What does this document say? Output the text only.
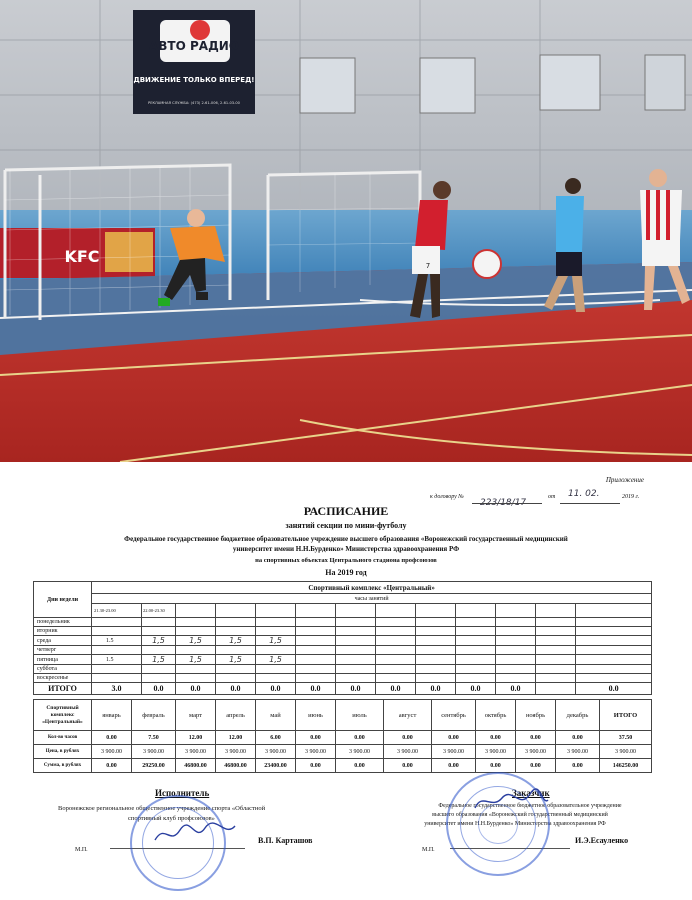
АВТО РАДИО
ДВИЖЕНИЕ ТОЛЬКО ВПЕРЕД!
РЕКЛАМНАЯ СЛУЖБА: (473) 2-61-006, 2-61-03-00
KFC	7
Приложение
к договору №
223/18/17
от 11. 02.	2019 г.
РАСПИСАНИЕ
занятий секции по мини-футболу
Федеральное государственное бюджетное образовательное учреждение высшего образования «Воронежский государственный медицинский
университет имени Н.Н.Бурденко» Министерства здравоохранения РФ
на спортивных объектах Центрального стадиона профсоюзов
На 2019 год
Дни недели	Спортивный комплекс «Центральный»												
	часы занятий												
	21.30-23.00	22.00-23.30											
понедельник													
вторник													
среда	1.5	1,5	1,5	1,5	1,5								
четверг													
пятница	1.5	1,5	1,5	1,5	1,5								
суббота													
воскресенье													
ИТОГО	3.0	0.0	0.0	0.0	0.0	0.0	0.0	0.0	0.0	0.0	0.0		0.0
Спортивный комплекс «Центральный»	январь	февраль	март	апрель	май	июнь	июль	август	сентябрь	октябрь	ноябрь	декабрь	ИТОГО
Кол-во часов	0.00	7.50	12.00	12.00	6.00	0.00	0.00	0.00	0.00	0.00	0.00	0.00	37.50
Цена, в рублях	3 900.00	3 900.00	3 900.00	3 900.00	3 900.00	3 900.00	3 900.00	3 900.00	3 900.00	3 900.00	3 900.00	3 900.00	3 900.00
Сумма, в рублях	0.00	29250.00	46800.00	46800.00	23400.00	0.00	0.00	0.00	0.00	0.00	0.00	0.00	146250.00
Исполнитель
Воронежское региональное общественное учреждение спорта «Областной
спортивный клуб профсоюзов»
В.П. Карташов
М.П.
Заказчик
Федеральное государственное бюджетное образовательное учреждение
высшего образования «Воронежский государственный медицинский
университет имени Н.Н.Бурденко» Министерства здравоохранения РФ
И.Э.Есауленко
М.П.
